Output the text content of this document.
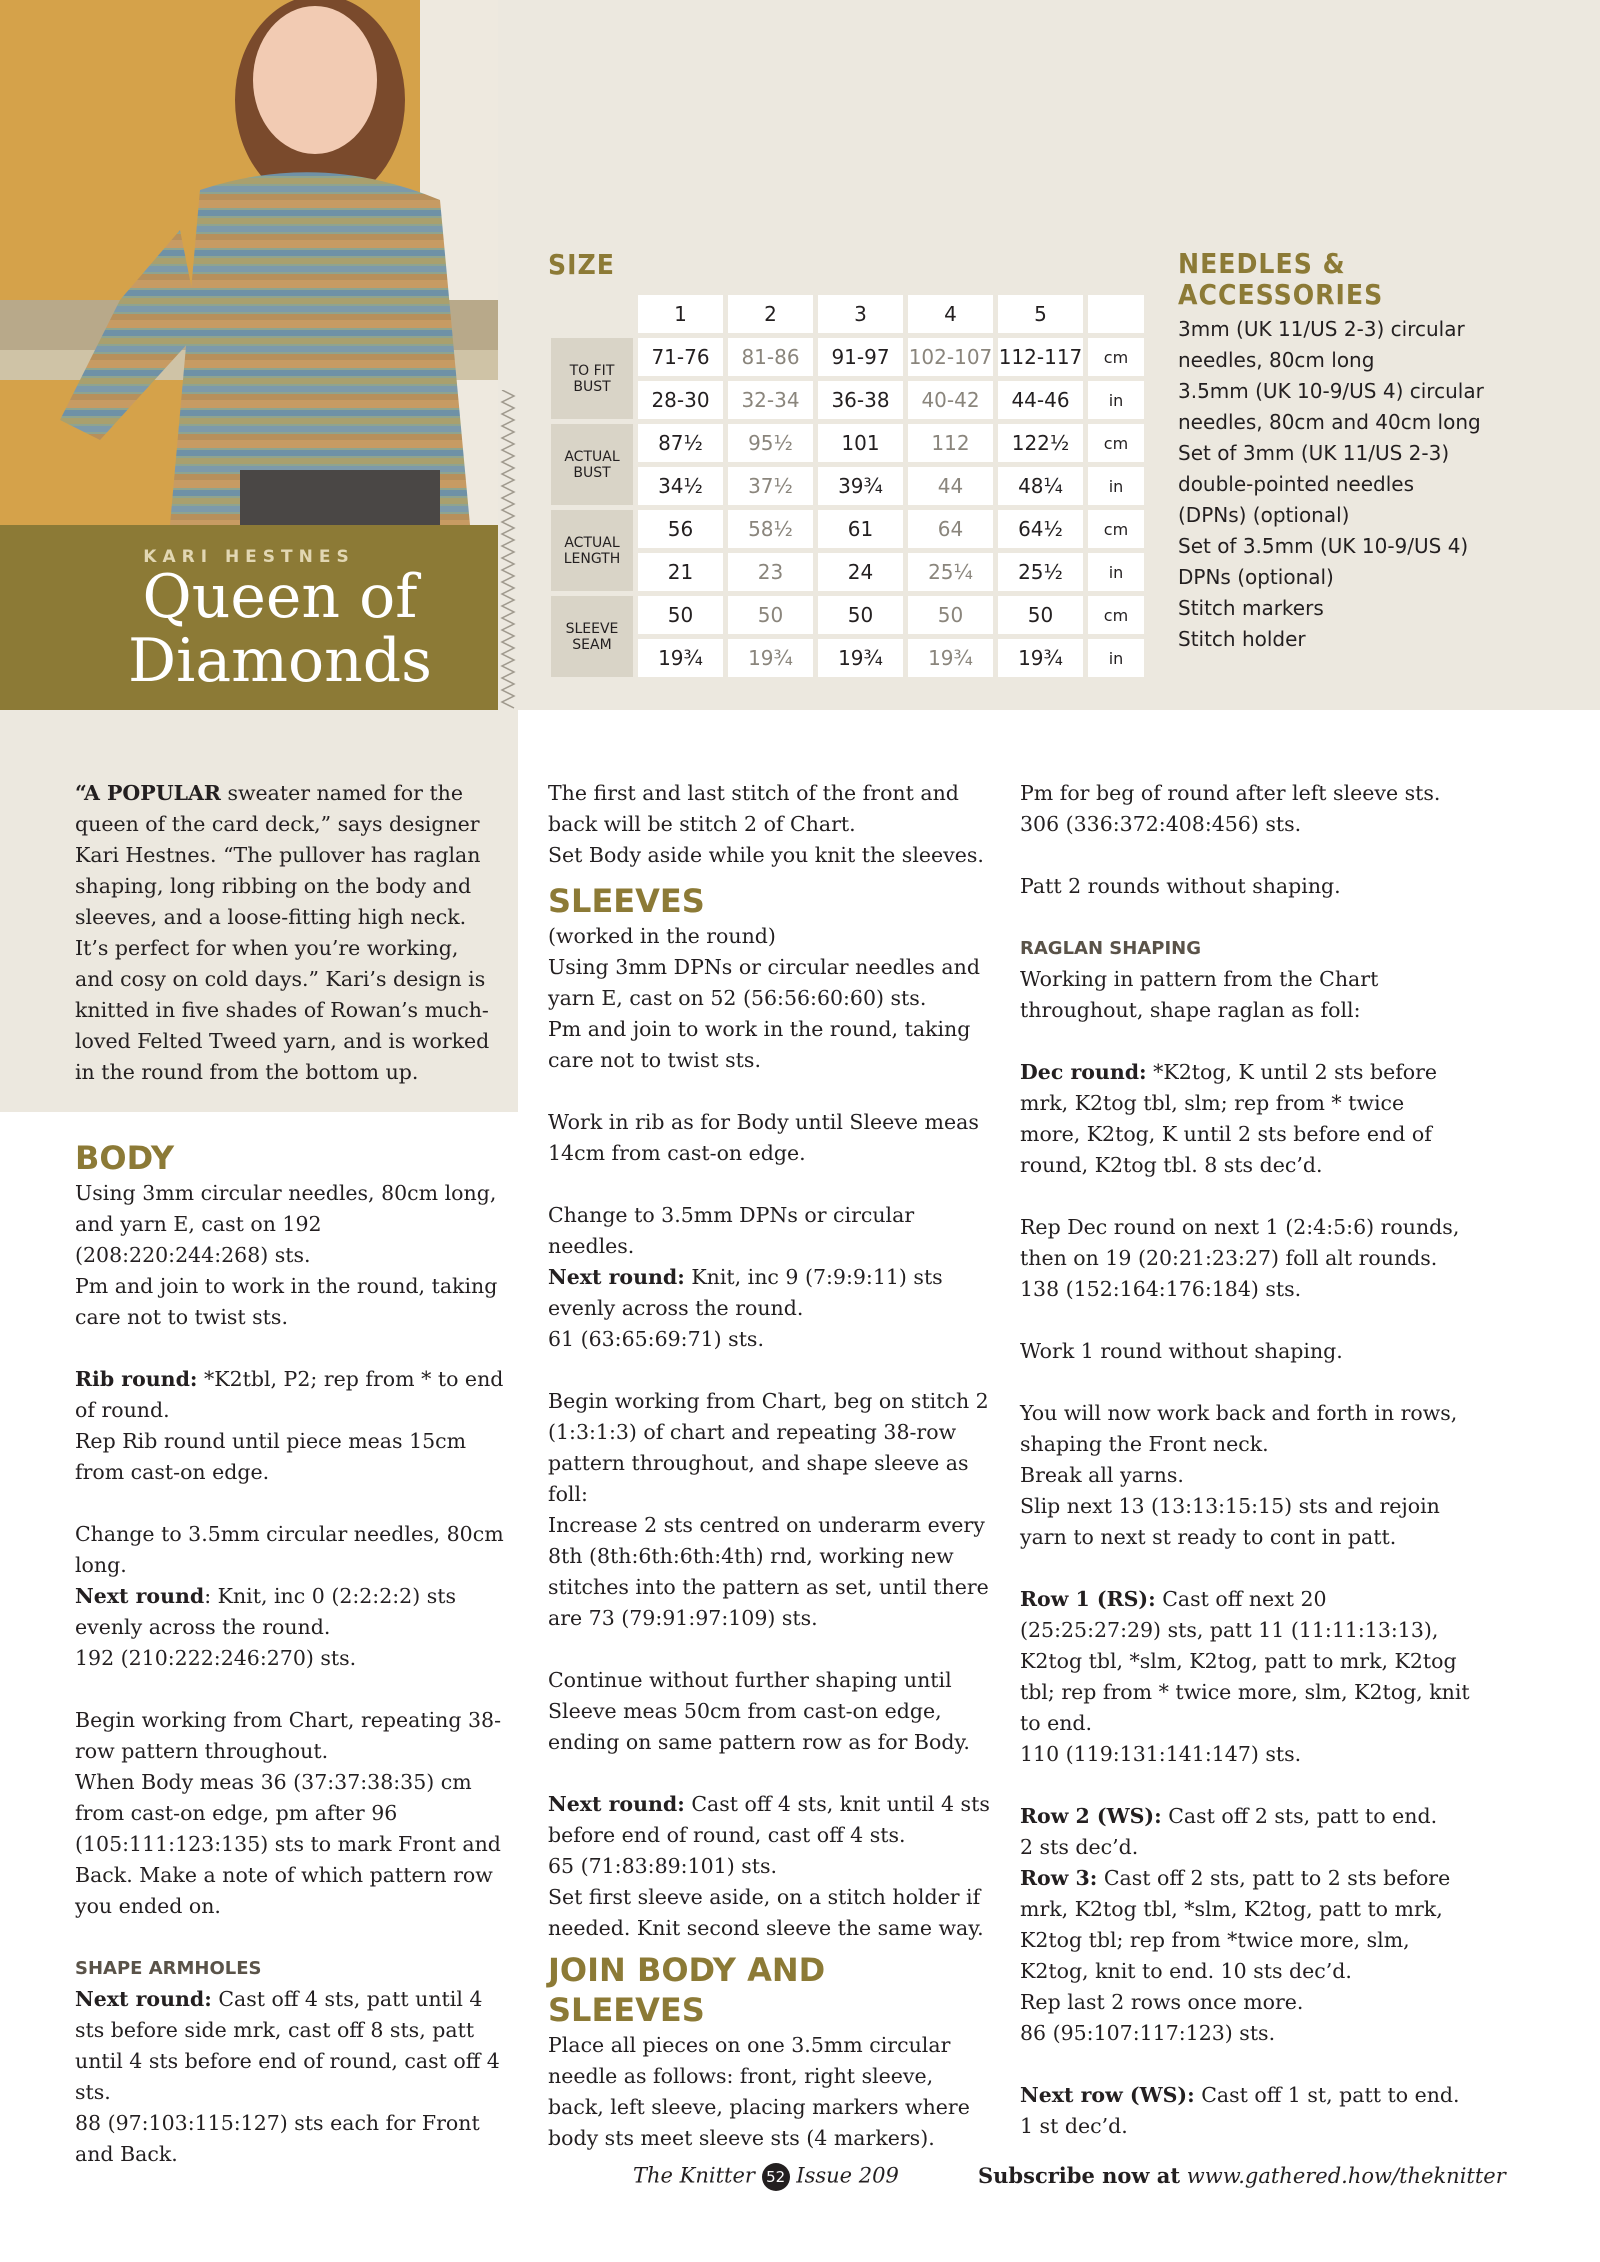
KARI HESTNES
Queen of
Diamonds
SIZE
	1	2	3	4	5	
TO FIT BUST	71-76	81-86	91-97	102-107	112-117	cm
	28-30	32-34	36-38	40-42	44-46	in
ACTUAL BUST	87½	95½	101	112	122½	cm
	34½	37½	39¾	44	48¼	in
ACTUAL LENGTH	56	58½	61	64	64½	cm
	21	23	24	25¼	25½	in
SLEEVE SEAM	50	50	50	50	50	cm
	19¾	19¾	19¾	19¾	19¾	in
NEEDLES &
ACCESSORIES
3mm (UK 11/US 2-3) circular needles, 80cm long
3.5mm (UK 10-9/US 4) circular needles, 80cm and 40cm long
Set of 3mm (UK 11/US 2-3) double-pointed needles (DPNs) (optional)
Set of 3.5mm (UK 10-9/US 4) DPNs (optional)
Stitch markers
Stitch holder

“A POPULAR sweater named for the queen of the card deck,” says designer Kari Hestnes. “The pullover has raglan shaping, long ribbing on the body and sleeves, and a loose-fitting high neck. It’s perfect for when you’re working, and cosy on cold days.” Kari’s design is knitted in five shades of Rowan’s much-loved Felted Tweed yarn, and is worked in the round from the bottom up.

BODY

Using 3mm circular needles, 80cm long, and yarn E, cast on 192 (208:220:244:268) sts.

Pm and join to work in the round, taking care not to twist sts.

Rib round: *K2tbl, P2; rep from * to end of round.

Rep Rib round until piece meas 15cm from cast-on edge.

Change to 3.5mm circular needles, 80cm long.

Next round: Knit, inc 0 (2:2:2:2) sts evenly across the round.

192 (210:222:246:270) sts.

Begin working from Chart, repeating 38-row pattern throughout.

When Body meas 36 (37:37:38:35) cm from cast-on edge, pm after 96 (105:111:123:135) sts to mark Front and Back. Make a note of which pattern row you ended on.

SHAPE ARMHOLES

Next round: Cast off 4 sts, patt until 4 sts before side mrk, cast off 8 sts, patt until 4 sts before end of round, cast off 4 sts.

88 (97:103:115:127) sts each for Front and Back.

The first and last stitch of the front and back will be stitch 2 of Chart.

Set Body aside while you knit the sleeves.

SLEEVES

(worked in the round)

Using 3mm DPNs or circular needles and yarn E, cast on 52 (56:56:60:60) sts.

Pm and join to work in the round, taking care not to twist sts.

Work in rib as for Body until Sleeve meas 14cm from cast-on edge.

Change to 3.5mm DPNs or circular needles.

Next round: Knit, inc 9 (7:9:9:11) sts evenly across the round.

61 (63:65:69:71) sts.

Begin working from Chart, beg on stitch 2 (1:3:1:3) of chart and repeating 38-row pattern throughout, and shape sleeve as foll:

Increase 2 sts centred on underarm every 8th (8th:6th:6th:4th) rnd, working new stitches into the pattern as set, until there are 73 (79:91:97:109) sts.

Continue without further shaping until Sleeve meas 50cm from cast-on edge, ending on same pattern row as for Body.

Next round: Cast off 4 sts, knit until 4 sts before end of round, cast off 4 sts.

65 (71:83:89:101) sts.

Set first sleeve aside, on a stitch holder if needed. Knit second sleeve the same way.

JOIN BODY AND SLEEVES

Place all pieces on one 3.5mm circular needle as follows: front, right sleeve, back, left sleeve, placing markers where body sts meet sleeve sts (4 markers).

Pm for beg of round after left sleeve sts.

306 (336:372:408:456) sts.

Patt 2 rounds without shaping.

RAGLAN SHAPING

Working in pattern from the Chart throughout, shape raglan as foll:

Dec round: *K2tog, K until 2 sts before mrk, K2tog tbl, slm; rep from * twice more, K2tog, K until 2 sts before end of round, K2tog tbl. 8 sts dec’d.

Rep Dec round on next 1 (2:4:5:6) rounds, then on 19 (20:21:23:27) foll alt rounds.

138 (152:164:176:184) sts.

Work 1 round without shaping.

You will now work back and forth in rows, shaping the Front neck.

Break all yarns.

Slip next 13 (13:13:15:15) sts and rejoin yarn to next st ready to cont in patt.

Row 1 (RS): Cast off next 20 (25:25:27:29) sts, patt 11 (11:11:13:13), K2tog tbl, *slm, K2tog, patt to mrk, K2tog tbl; rep from * twice more, slm, K2tog, knit to end.

110 (119:131:141:147) sts.

Row 2 (WS): Cast off 2 sts, patt to end.

2 sts dec’d.

Row 3: Cast off 2 sts, patt to 2 sts before mrk, K2tog tbl, *slm, K2tog, patt to mrk, K2tog tbl; rep from *twice more, slm, K2tog, knit to end. 10 sts dec’d.

Rep last 2 rows once more.

86 (95:107:117:123) sts.

Next row (WS): Cast off 1 st, patt to end.

1 st dec’d.

The Knitter 52 Issue 209	Subscribe now at www.gathered.how/theknitter
